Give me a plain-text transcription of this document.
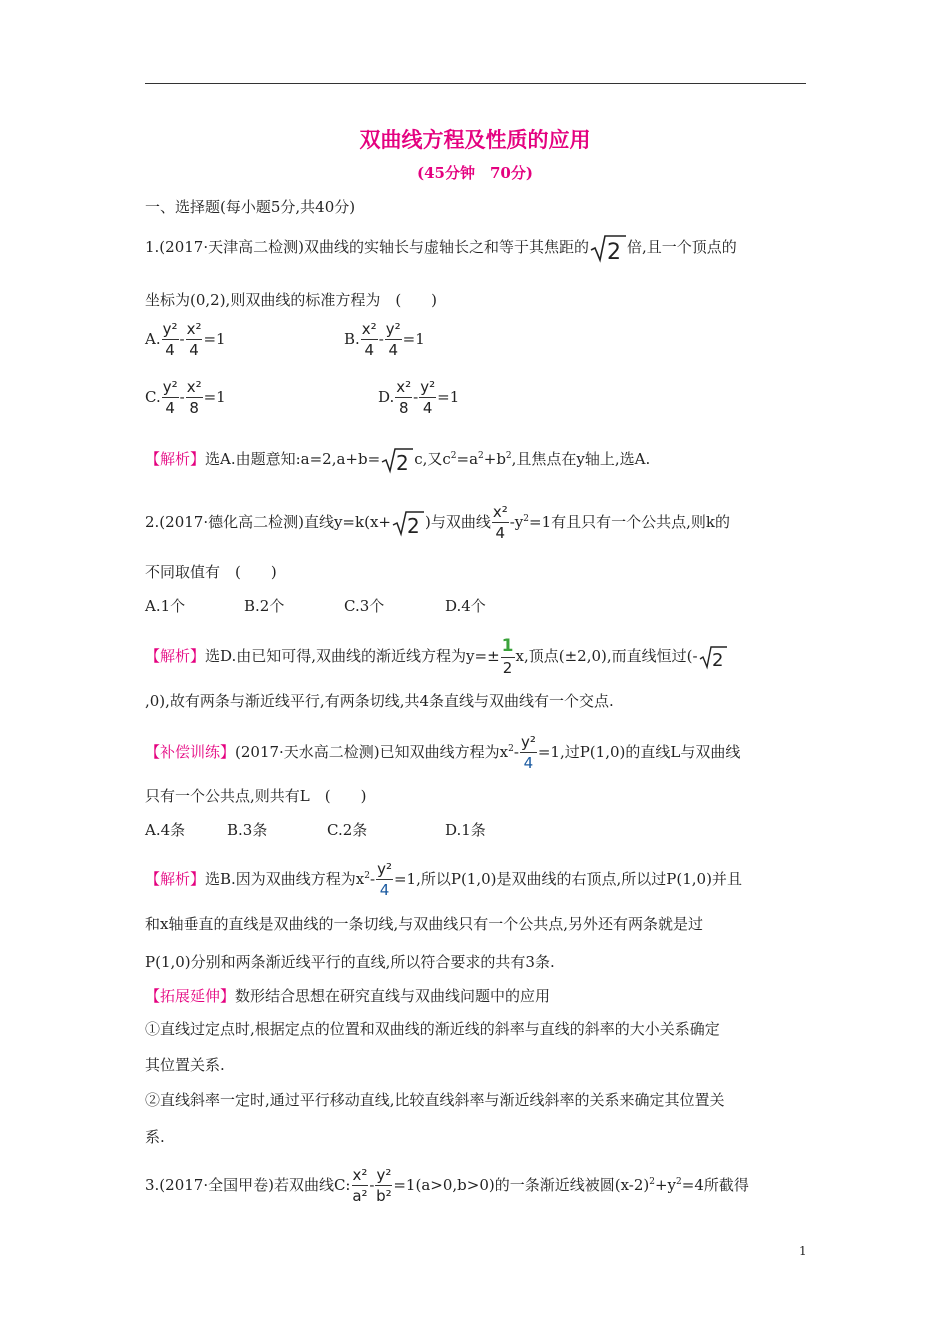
双曲线方程及性质的应用
(45分钟　70分)
一、选择题(每小题5分,共40分)
1.(2017·天津高二检测)双曲线的实轴长与虚轴长之和等于其焦距的 2 倍,且一个顶点的
坐标为(0,2),则双曲线的标准方程为　(　　)
A. $\frac{\text{y²}}{4} - \frac{\text{x²}}{4} =1$	B. $\frac{\text{x²}}{4} - \frac{\text{y²}}{4} =1$
C. $\frac{\text{y²}}{4} - \frac{\text{x²}}{8} =1$	D. $\frac{\text{x²}}{8} - \frac{\text{y²}}{4} =1$
【解析】选A.由题意知:a=2,a+b= 2 c,又$c^2=a^2+b^2$,且焦点在y轴上,选A.
2.(2017·德化高二检测)直线y=k(x+ 2 )与双曲线 $\frac{\text{x²}}{4} -y^2=1$有且只有一个公共点,则k的
不同取值有　(　　)
A.1个	B.2个	C.3个	D.4个
【解析】选D.由已知可得,双曲线的渐近线方程为$y=\pm \frac{1}{2} x$,顶点(±2,0),而直线恒过(- 2
,0),故有两条与渐近线平行,有两条切线,共4条直线与双曲线有一个交点.
【补偿训练】(2017·天水高二检测)已知双曲线方程为$x^2- \frac{\text{y²}}{4} =1$,过P(1,0)的直线L与双曲线
只有一个公共点,则共有L　(　　)
A.4条	B.3条	C.2条	D.1条
【解析】选B.因为双曲线方程为$x^2- \frac{\text{y²}}{4} =1$,所以P(1,0)是双曲线的右顶点,所以过P(1,0)并且
和x轴垂直的直线是双曲线的一条切线,与双曲线只有一个公共点,另外还有两条就是过
P(1,0)分别和两条渐近线平行的直线,所以符合要求的共有3条.
【拓展延伸】数形结合思想在研究直线与双曲线问题中的应用
①直线过定点时,根据定点的位置和双曲线的渐近线的斜率与直线的斜率的大小关系确定
其位置关系.
②直线斜率一定时,通过平行移动直线,比较直线斜率与渐近线斜率的关系来确定其位置关
系.
3.(2017·全国甲卷)若双曲线C: $\frac{\text{x²}}{\text{a²}} - \frac{\text{y²}}{\text{b²}} =1(a>0,b>0)$的一条渐近线被圆$(x-2)^2+y^2=4$所截得
1
